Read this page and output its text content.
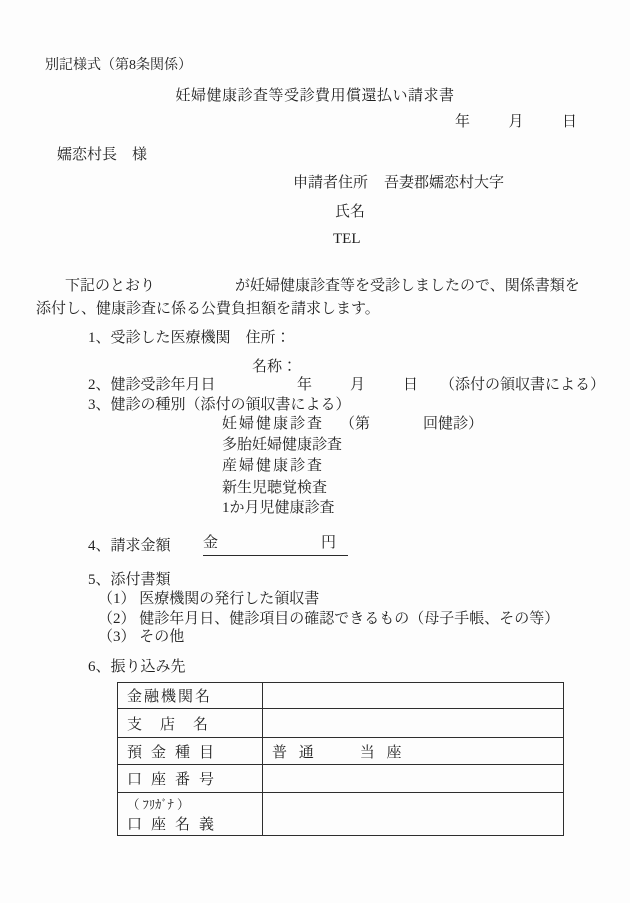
別記様式（第8条関係）
妊婦健康診査等受診費用償還払い請求書
年	月	日
嬬恋村長　様
申請者住所 吾妻郡嬬恋村大字
氏名
TEL
下記のとおり	が妊婦健康診査等を受診しましたので、関係書類を
添付し、健康診査に係る公費負担額を請求します。
1、受診した医療機関　住所：
名称：
2、健診受診年月日	年	月	日 （添付の領収書による）
3、健診の種別（添付の領収書による）
妊婦健康診査 （第	回健診）
多胎妊婦健康診査
産婦健康診査
新生児聴覚検査
1か月児健康診査
4、請求金額 金	円
5、添付書類
（1） 医療機関の発行した領収書
（2） 健診年月日、健診項目の確認できるもの（母子手帳、その等）
（3） その他
6、振り込み先
金融機関名	
支店名	
預金種目	普 通 当 座
口座番号	

（ ﾌﾘｶﾞﾅ ）
口座名義	
